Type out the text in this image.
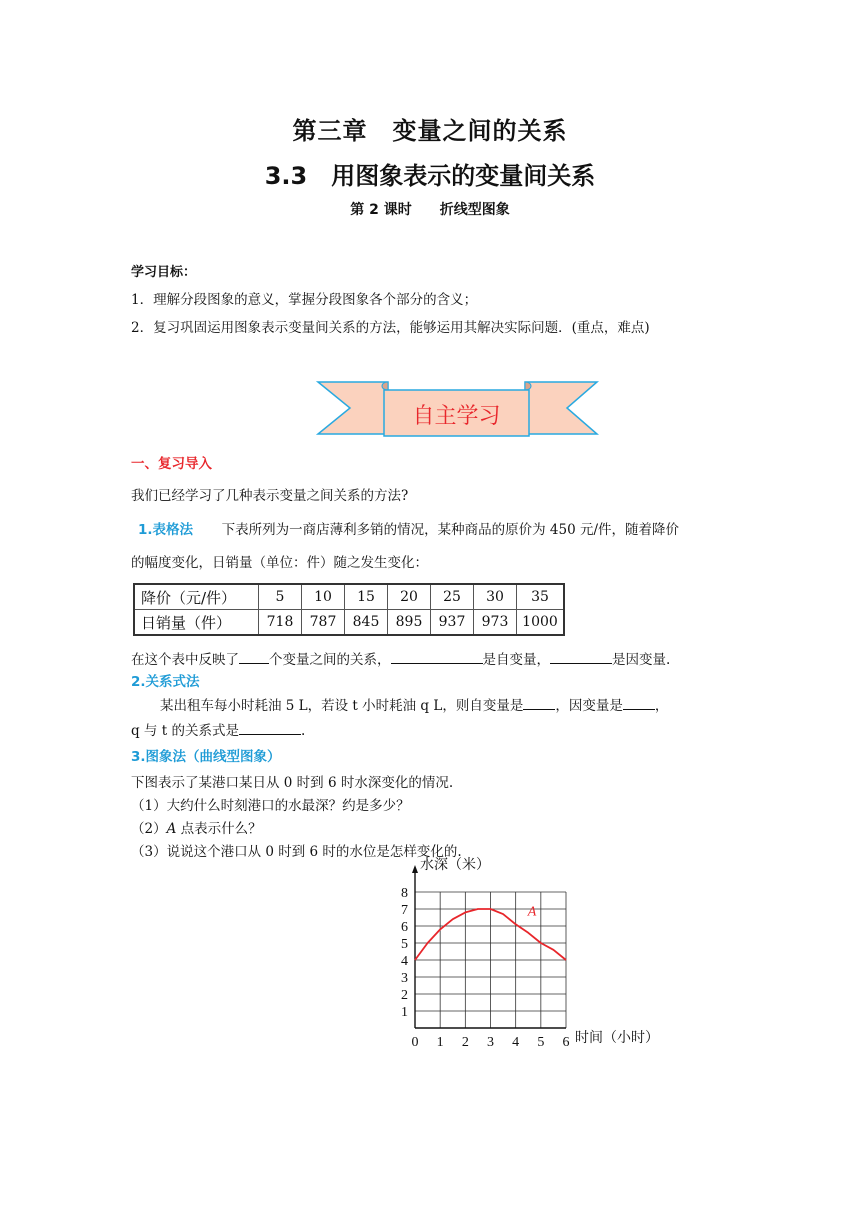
第三章　变量之间的关系
3.3　用图象表示的变量间关系
第 2 课时　　折线型图象
学习目标：
1．理解分段图象的意义，掌握分段图象各个部分的含义；
2．复习巩固运用图象表示变量间关系的方法，能够运用其解决实际问题．(重点，难点)
自主学习
一、复习导入
我们已经学习了几种表示变量之间关系的方法?
1.表格法 下表所列为一商店薄利多销的情况，某种商品的原价为 450 元/件，随着降价
的幅度变化，日销量（单位：件）随之发生变化：
降价（元/件）	5	10	15	20	25	30	35
日销量（件）	718	787	845	895	937	973	1000
在这个表中反映了 个变量之间的关系，	是自变量，	是因变量.
2.关系式法
某出租车每小时耗油 5 L，若设 t 小时耗油 q L，则自变量是 ，因变量是 ，
q 与 t 的关系式是	.
3.图象法（曲线型图象）
下图表示了某港口某日从 0 时到 6 时水深变化的情况.
（1）大约什么时刻港口的水最深？约是多少？
（2）A 点表示什么？
（3）说说这个港口从 0 时到 6 时的水位是怎样变化的.
0 1 2 3 4 5 6
1
2
3
4
5
6
7
8
水深（米）
时间（小时）
A
